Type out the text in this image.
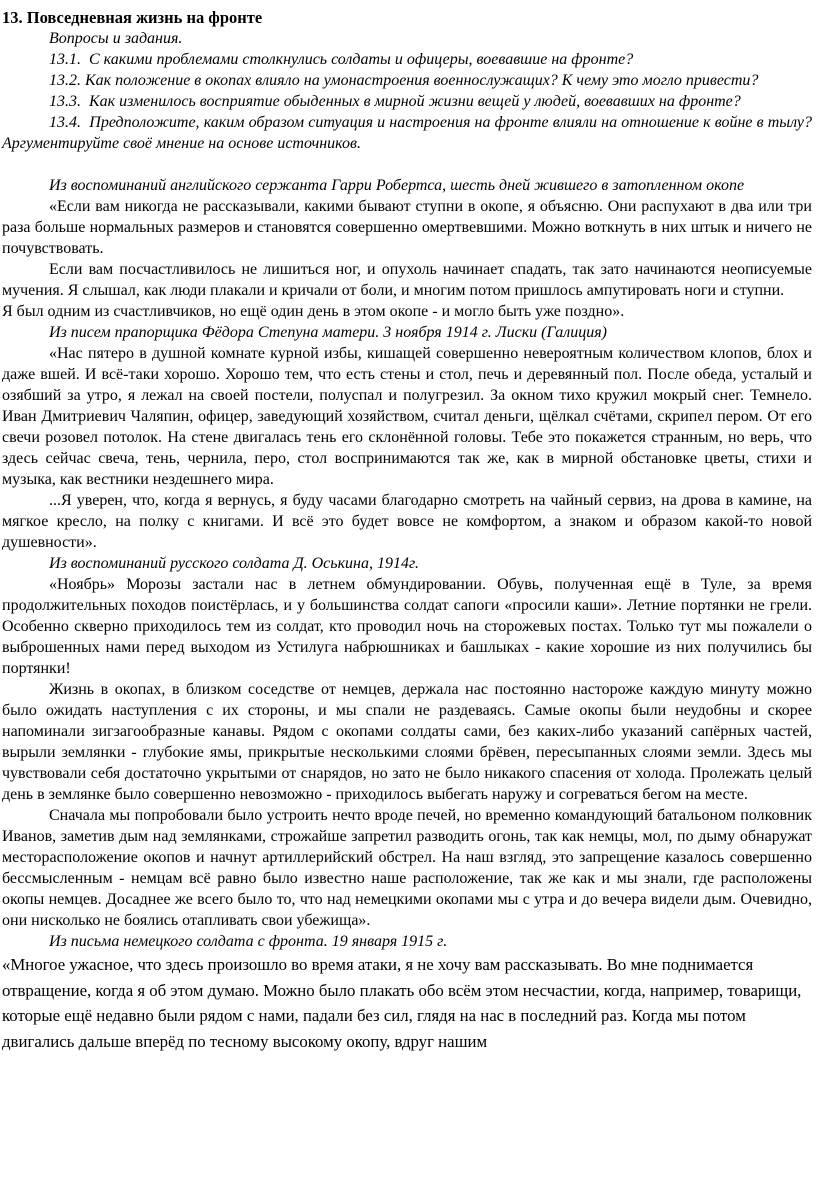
13. Повседневная жизнь на фронте

Вопросы и задания.

13.1.  С какими проблемами столкнулись солдаты и офицеры, воевавшие на фронте?

13.2. Как положение в окопах влияло на умонастроения военнослужащих? К чему это могло привести?

13.3.  Как изменилось восприятие обыденных в мирной жизни вещей у людей, воевавших на фронте?

13.4.  Предположите, каким образом ситуация и настроения на фронте влияли на отношение к войне в тылу? Аргументируйте своё мнение на основе источников.

Из воспоминаний английского сержанта Гарри Робертса, шесть дней жившего в затопленном окопе

«Если вам никогда не рассказывали, какими бывают ступни в окопе, я объясню. Они распухают в два или три раза больше нормальных размеров и становятся совершенно омертвевшими. Можно воткнуть в них штык и ничего не почувствовать.

Если вам посчастливилось не лишиться ног, и опухоль начинает спадать, так зато начинаются неописуемые мучения. Я слышал, как люди плакали и кричали от боли, и многим потом пришлось ампутировать ноги и ступни.

Я был одним из счастливчиков, но ещё один день в этом окопе - и могло быть уже поздно».

Из писем прапорщика Фёдора Степуна матери. 3 ноября 1914 г. Лиски (Галиция)

«Нас пятеро в душной комнате курной избы, кишащей совершенно невероятным количеством клопов, блох и даже вшей. И всё-таки хорошо. Хорошо тем, что есть стены и стол, печь и деревянный пол. После обеда, усталый и озябший за утро, я лежал на своей постели, полуспал и полугрезил. За окном тихо кружил мокрый снег. Темнело. Иван Дмитриевич Чаляпин, офицер, заведующий хозяйством, считал деньги, щёлкал счётами, скрипел пером. От его свечи розовел потолок. На стене двигалась тень его склонённой головы. Тебе это покажется странным, но верь, что здесь сейчас свеча, тень, чернила, перо, стол воспринимаются так же, как в мирной обстановке цветы, стихи и музыка, как вестники нездешнего мира.

...Я уверен, что, когда я вернусь, я буду часами благодарно смотреть на чайный сервиз, на дрова в камине, на мягкое кресло, на полку с книгами. И всё это будет вовсе не комфортом, а знаком и образом какой-то новой душевности».

Из воспоминаний русского солдата Д. Оськина, 1914г.

«Ноябрь» Морозы застали нас в летнем обмундировании. Обувь, полученная ещё в Туле, за время продолжительных походов поистёрлась, и у большинства солдат сапоги «просили каши». Летние портянки не грели. Особенно скверно приходилось тем из солдат, кто проводил ночь на сторожевых постах. Только тут мы пожалели о выброшенных нами перед выходом из Устилуга набрюшниках и башлыках - какие хорошие из них получились бы портянки!

Жизнь в окопах, в близком соседстве от немцев, держала нас постоянно настороже каждую минуту можно было ожидать наступления с их стороны, и мы спали не раздеваясь. Самые окопы были неудобны и скорее напоминали зигзагообразные канавы. Рядом с окопами солдаты сами, без каких-либо указаний сапёрных частей, вырыли землянки - глубокие ямы, прикрытые несколькими слоями брёвен, пересыпанных слоями земли. Здесь мы чувствовали себя достаточно укрытыми от снарядов, но зато не было никакого спасения от холода. Пролежать целый день в землянке было совершенно невозможно - приходилось выбегать наружу и согреваться бегом на месте.

Сначала мы попробовали было устроить нечто вроде печей, но временно командующий батальоном полковник Иванов, заметив дым над землянками, строжайше запретил разводить огонь, так как немцы, мол, по дыму обнаружат месторасположение окопов и начнут артиллерийский обстрел. На наш взгляд, это запрещение казалось совершенно бессмысленным - немцам всё равно было известно наше расположение, так же как и мы знали, где расположены окопы немцев. Досаднее же всего было то, что над немецкими окопами мы с утра и до вечера видели дым. Очевидно, они нисколько не боялись отапливать свои убежища».

Из письма немецкого солдата с фронта. 19 января 1915 г.

«Многое ужасное, что здесь произошло во время атаки, я не хочу вам рассказывать. Во мне поднимается отвращение, когда я об этом думаю. Можно было плакать обо всём этом несчастии, когда, например, товарищи, которые ещё недавно были рядом с нами, падали без сил, глядя на нас в последний раз. Когда мы потом двигались дальше вперёд по тесному высокому окопу, вдруг нашим
